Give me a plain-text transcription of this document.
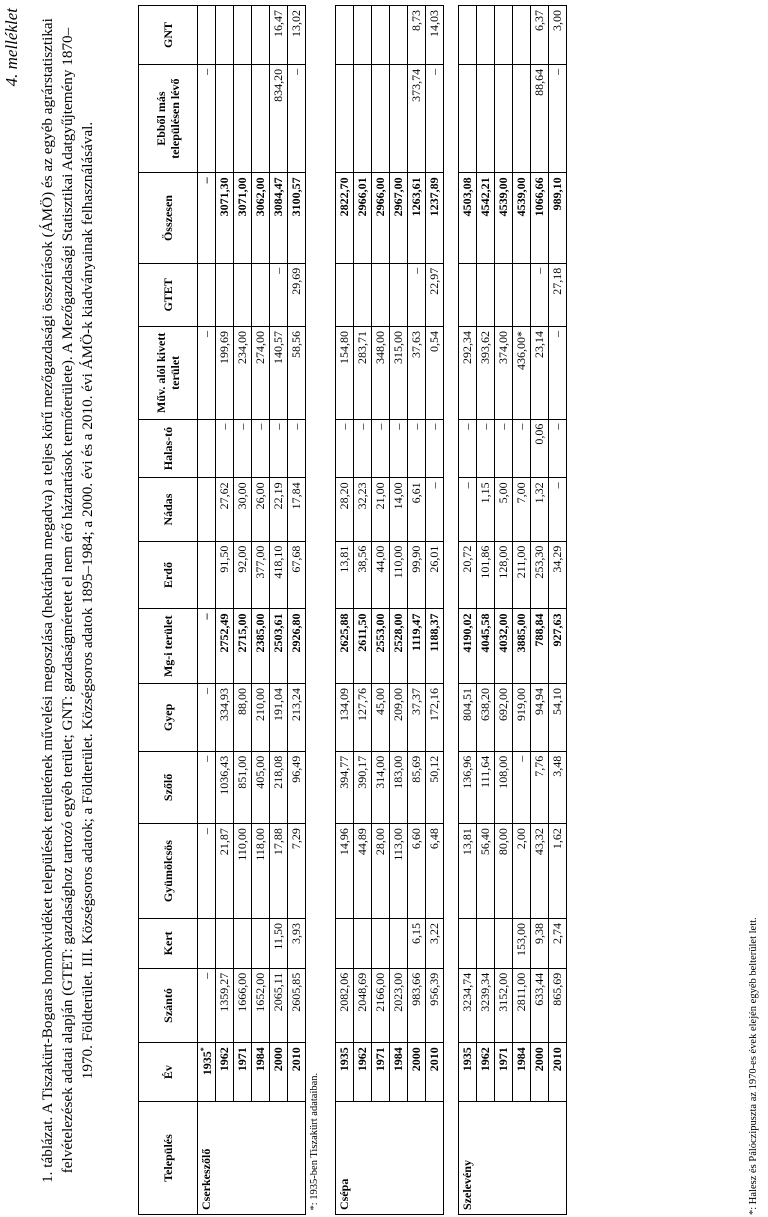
4. melléklet 1. táblázat. A Tiszakürt-Bogaras homokvidéket települések területének művelési megoszlása (hektárban megadva) a teljes körű mezőgazdasági összeírások (ÁMÖ) és az egyéb agrárstatisztikai felvételezések adatai alapján (GTET: gazdasághoz tartozó egyéb terület; GNT: gazdaságméretet el nem érő háztartások termőterülete). A Mezőgazdasági Statisztikai Adatgyűjtemény 1870–1970. Földterület. III. Községsoros adatok; a Földterület. Községsoros adatok 1895–1984; a 2000. évi és a 2010. évi ÁMÖ-k kiadványainak felhasználásával.
Település	Év	Szántó	Kert	Gyümölcsös	Szőlő	Gyep	Mg-i terület	Erdő	Nádas	Halas-tó	Műv. alól kivett terület	GTET	Összesen	Ebből más településen lévő	GNT
Cserkeszőlő	1935*	–		–	–	–	–				–		–	–	
	1962	1359,27		21,87	1036,43	334,93	2752,49	91,50	27,62	–	199,69		3071,30		
	1971	1666,00		110,00	851,00	88,00	2715,00	92,00	30,00	–	234,00		3071,00		
	1984	1652,00		118,00	405,00	210,00	2385,00	377,00	26,00	–	274,00		3062,00		
	2000	2065,11	11,50	17,88	218,08	191,04	2503,61	418,10	22,19	–	140,57	–	3084,47	834,20	16,47
	2010	2605,85	3,93	7,29	96,49	213,24	2926,80	67,68	17,84	–	58,56	29,69	3100,57	–	13,02
*: 1935-ben Tiszakürt adataiban.															
Csépa	1935	2082,06		14,96	394,77	134,09	2625,88	13,81	28,20	–	154,80		2822,70		
	1962	2048,69		44,89	390,17	127,76	2611,50	38,56	32,23	–	283,71		2966,01		
	1971	2166,00		28,00	314,00	45,00	2553,00	44,00	21,00	–	348,00		2966,00		
	1984	2023,00		113,00	183,00	209,00	2528,00	110,00	14,00	–	315,00		2967,00		
	2000	983,66	6,15	6,60	85,69	37,37	1119,47	99,90	6,61	–	37,63	–	1263,61	373,74	8,73
	2010	956,39	3,22	6,48	50,12	172,16	1188,37	26,01	–	–	0,54	22,97	1237,89	–	14,03

Szelevény	1935	3234,74		13,81	136,96	804,51	4190,02	20,72	–	–	292,34		4503,08		
	1962	3239,34		56,40	111,64	638,20	4045,58	101,86	1,15	–	393,62		4542,21		
	1971	3152,00		80,00	108,00	692,00	4032,00	128,00	5,00	–	374,00		4539,00		
	1984	2811,00	153,00	2,00	–	919,00	3885,00	211,00	7,00	–	436,00*		4539,00		
	2000	633,44	9,38	43,32	7,76	94,94	788,84	253,30	1,32	0,06	23,14	–	1066,66	88,64	6,37
	2010	865,69	2,74	1,62	3,48	54,10	927,63	34,29	–	–	–	27,18	989,10	–	3,00
*: Halesz és Pálóczipuszta az 1970-es évek elején egyéb belterület lett.
